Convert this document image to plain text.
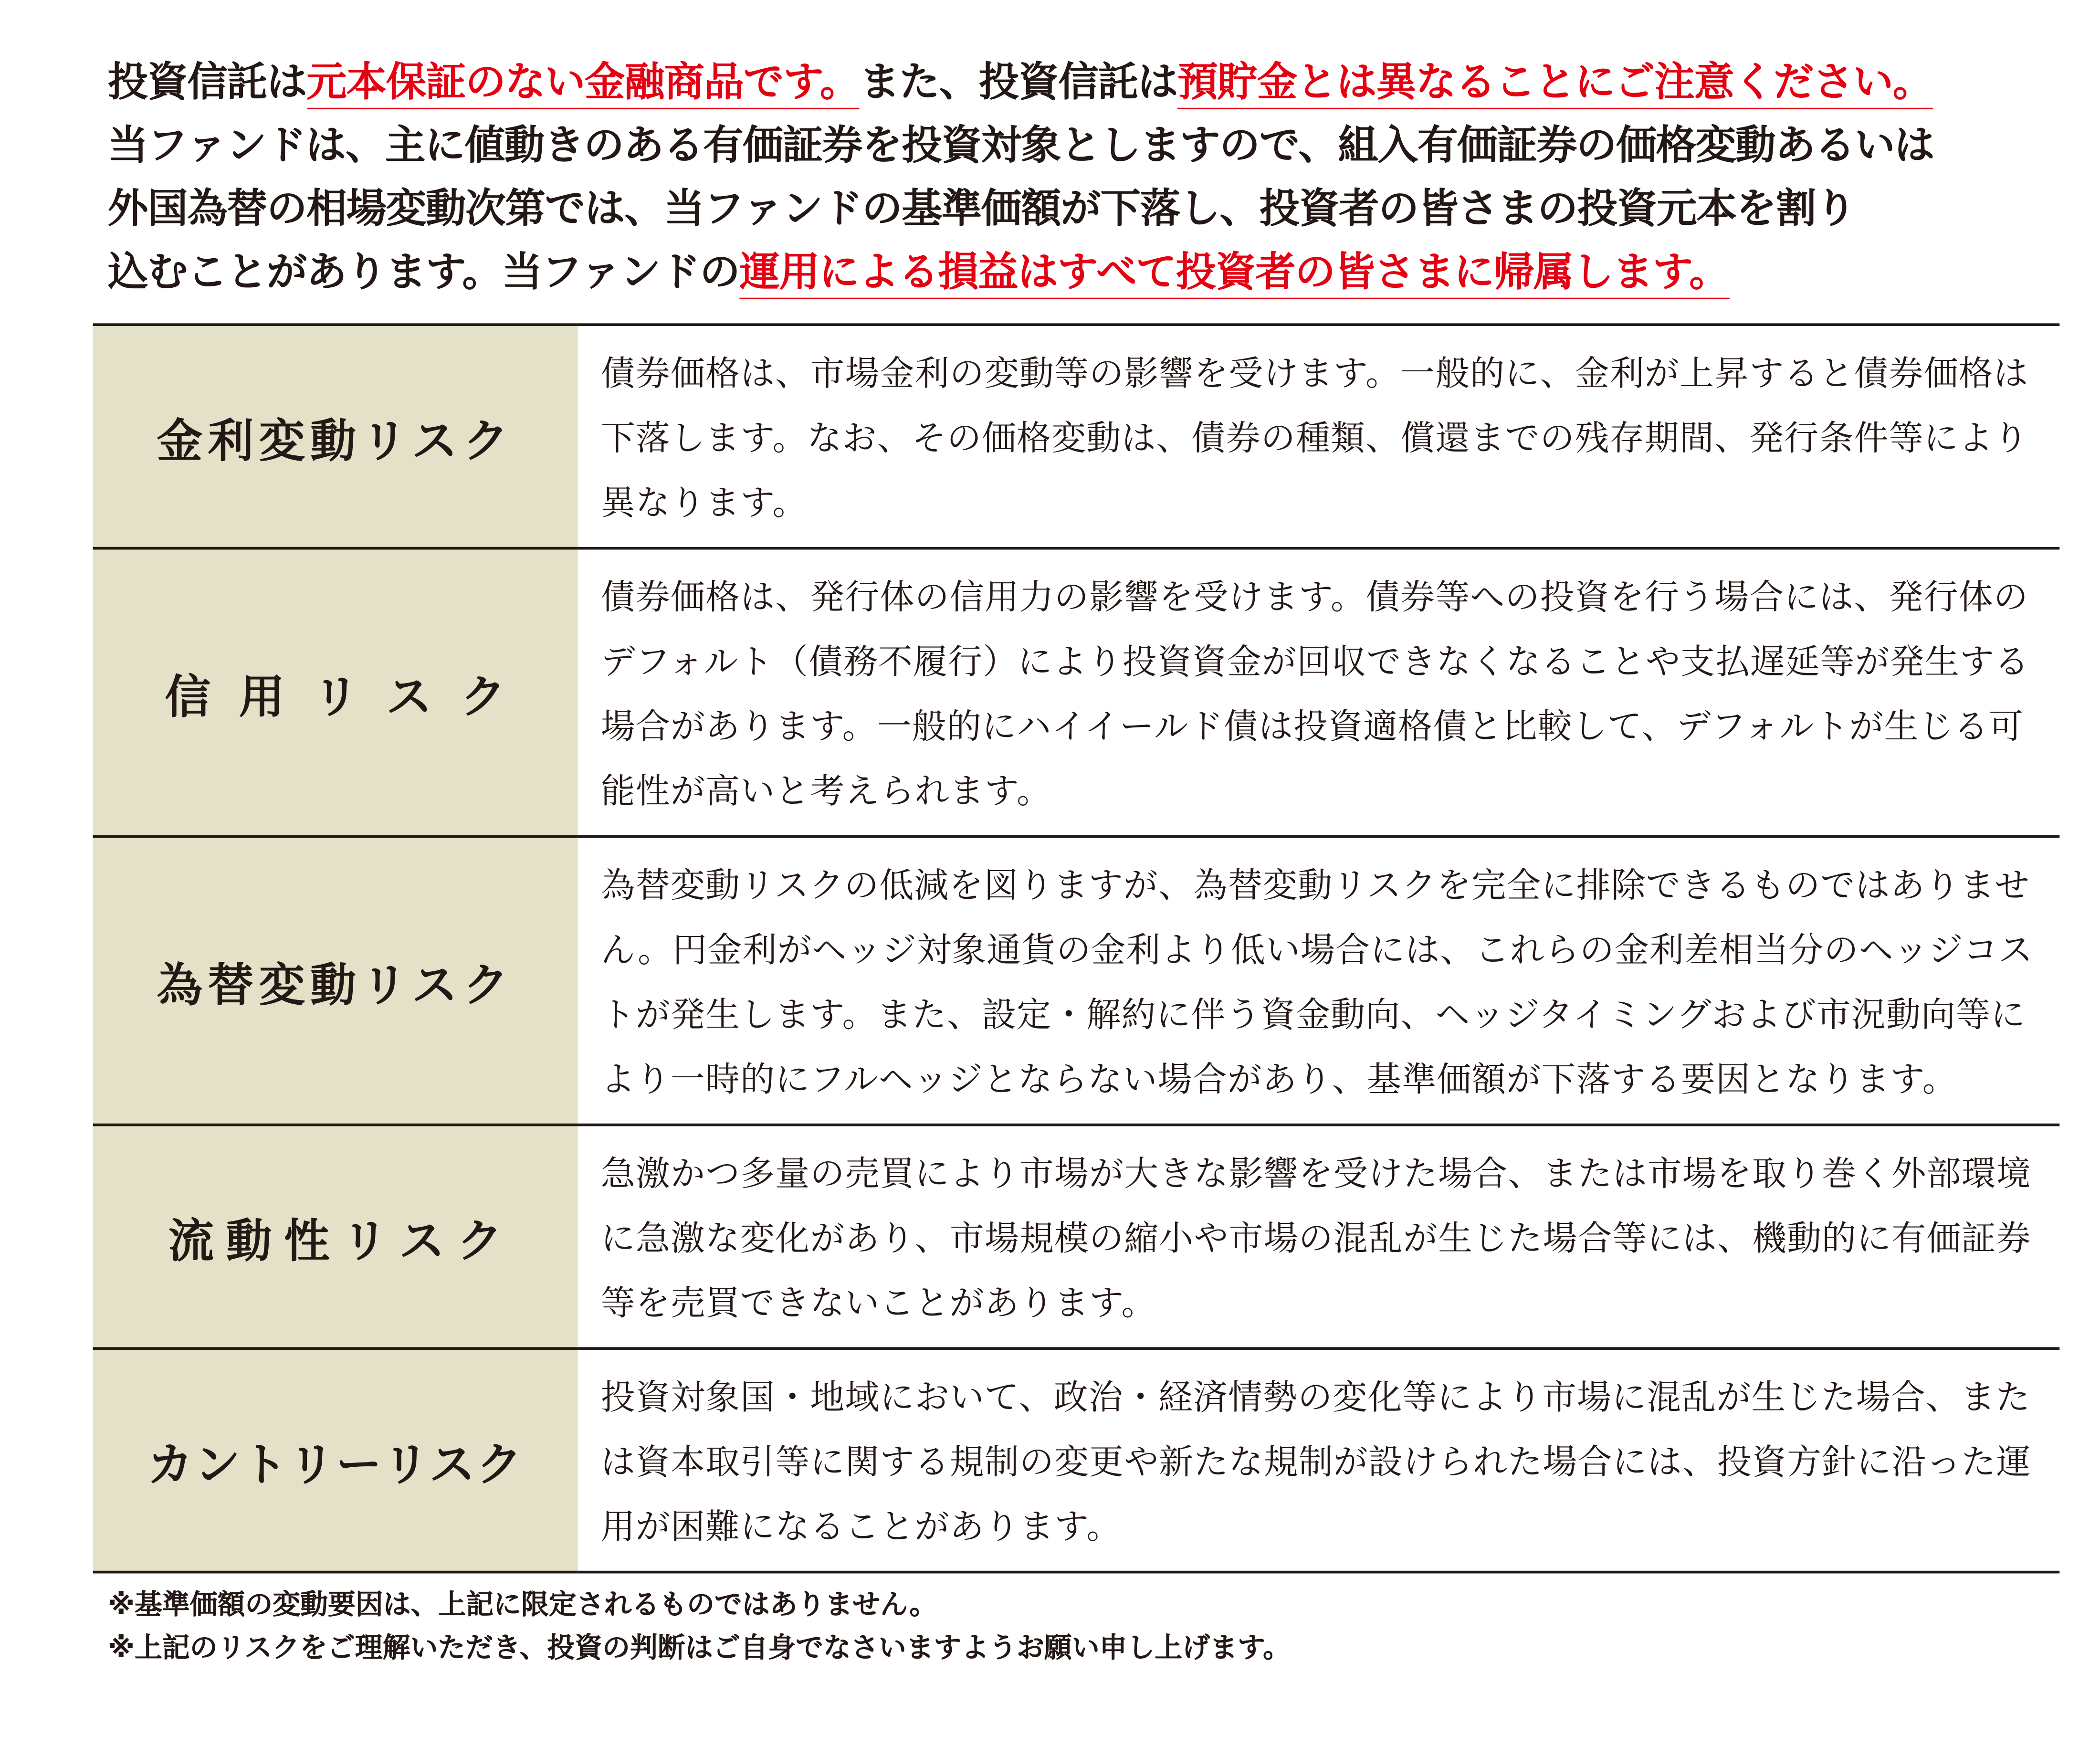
投資信託は元本保証のない金融商品です。また、投資信託は預貯金とは異なることにご注意ください。
当ファンドは、主に値動きのある有価証券を投資対象としますので、組入有価証券の価格変動あるいは
外国為替の相場変動次第では、当ファンドの基準価額が下落し、投資者の皆さまの投資元本を割り
込むことがあります。当ファンドの運用による損益はすべて投資者の皆さまに帰属します。
金利変動リスク	債券価格は、市場金利の変動等の影響を受けます。一般的に、金利が上昇すると債券価格は下落します。なお、その価格変動は、債券の種類、償還までの残存期間、発行条件等により異なります。
信用リスク	債券価格は、発行体の信用力の影響を受けます。債券等への投資を行う場合には、発行体のデフォルト（債務不履行）により投資資金が回収できなくなることや支払遅延等が発生する場合があります。一般的にハイイールド債は投資適格債と比較して、デフォルトが生じる可能性が高いと考えられます。
為替変動リスク	為替変動リスクの低減を図りますが、為替変動リスクを完全に排除できるものではありません。円金利がヘッジ対象通貨の金利より低い場合には、これらの金利差相当分のヘッジコストが発生します。また、設定・解約に伴う資金動向、ヘッジタイミングおよび市況動向等により一時的にフルヘッジとならない場合があり、基準価額が下落する要因となります。
流動性リスク	急激かつ多量の売買により市場が大きな影響を受けた場合、または市場を取り巻く外部環境に急激な変化があり、市場規模の縮小や市場の混乱が生じた場合等には、機動的に有価証券等を売買できないことがあります。
カントリーリスク	投資対象国・地域において、政治・経済情勢の変化等により市場に混乱が生じた場合、または資本取引等に関する規制の変更や新たな規制が設けられた場合には、投資方針に沿った運用が困難になることがあります。
※基準価額の変動要因は、上記に限定されるものではありません。
※上記のリスクをご理解いただき、投資の判断はご自身でなさいますようお願い申し上げます。
